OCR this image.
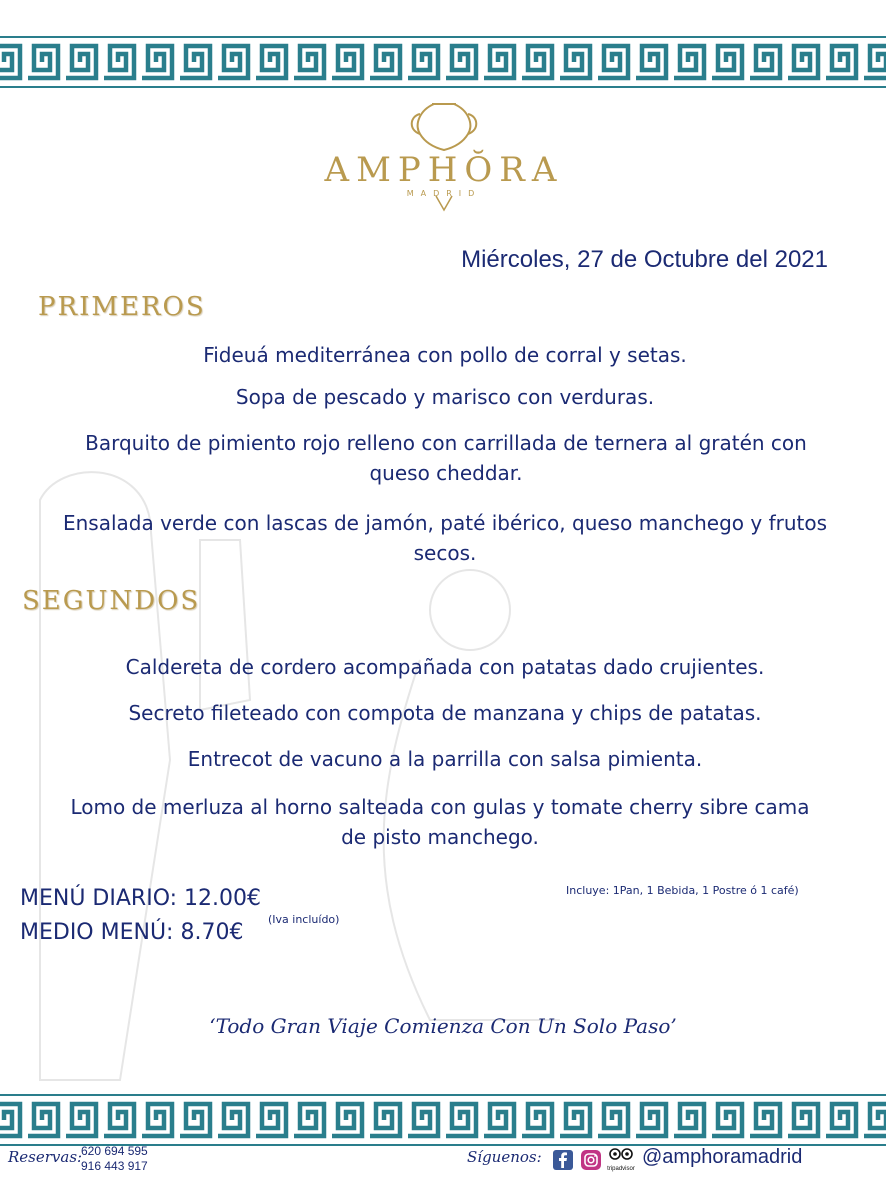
AMPHŎRA
MADRID
Miércoles, 27 de Octubre del 2021
PRIMEROS
Fideuá mediterránea con pollo de corral y setas.
Sopa de pescado y marisco con verduras.
Barquito de pimiento rojo relleno con carrillada de ternera al gratén con queso cheddar.
Ensalada verde con lascas de jamón, paté ibérico, queso manchego y frutos secos.
SEGUNDOS
Caldereta de cordero acompañada con patatas dado crujientes.
Secreto fileteado con compota de manzana y chips de patatas.
Entrecot de vacuno a la parrilla con salsa pimienta.
Lomo de merluza al horno salteada con gulas y tomate cherry sibre cama de pisto manchego.
MENÚ DIARIO: 12.00€
MEDIO MENÚ: 8.70€
(Iva incluído)
Incluye: 1Pan, 1 Bebida, 1 Postre ó 1 café)
‘Todo Gran Viaje Comienza Con Un Solo Paso’
Reservas:
620 694 595
916 443 917	Síguenos:
tripadvisor
@amphoramadrid
